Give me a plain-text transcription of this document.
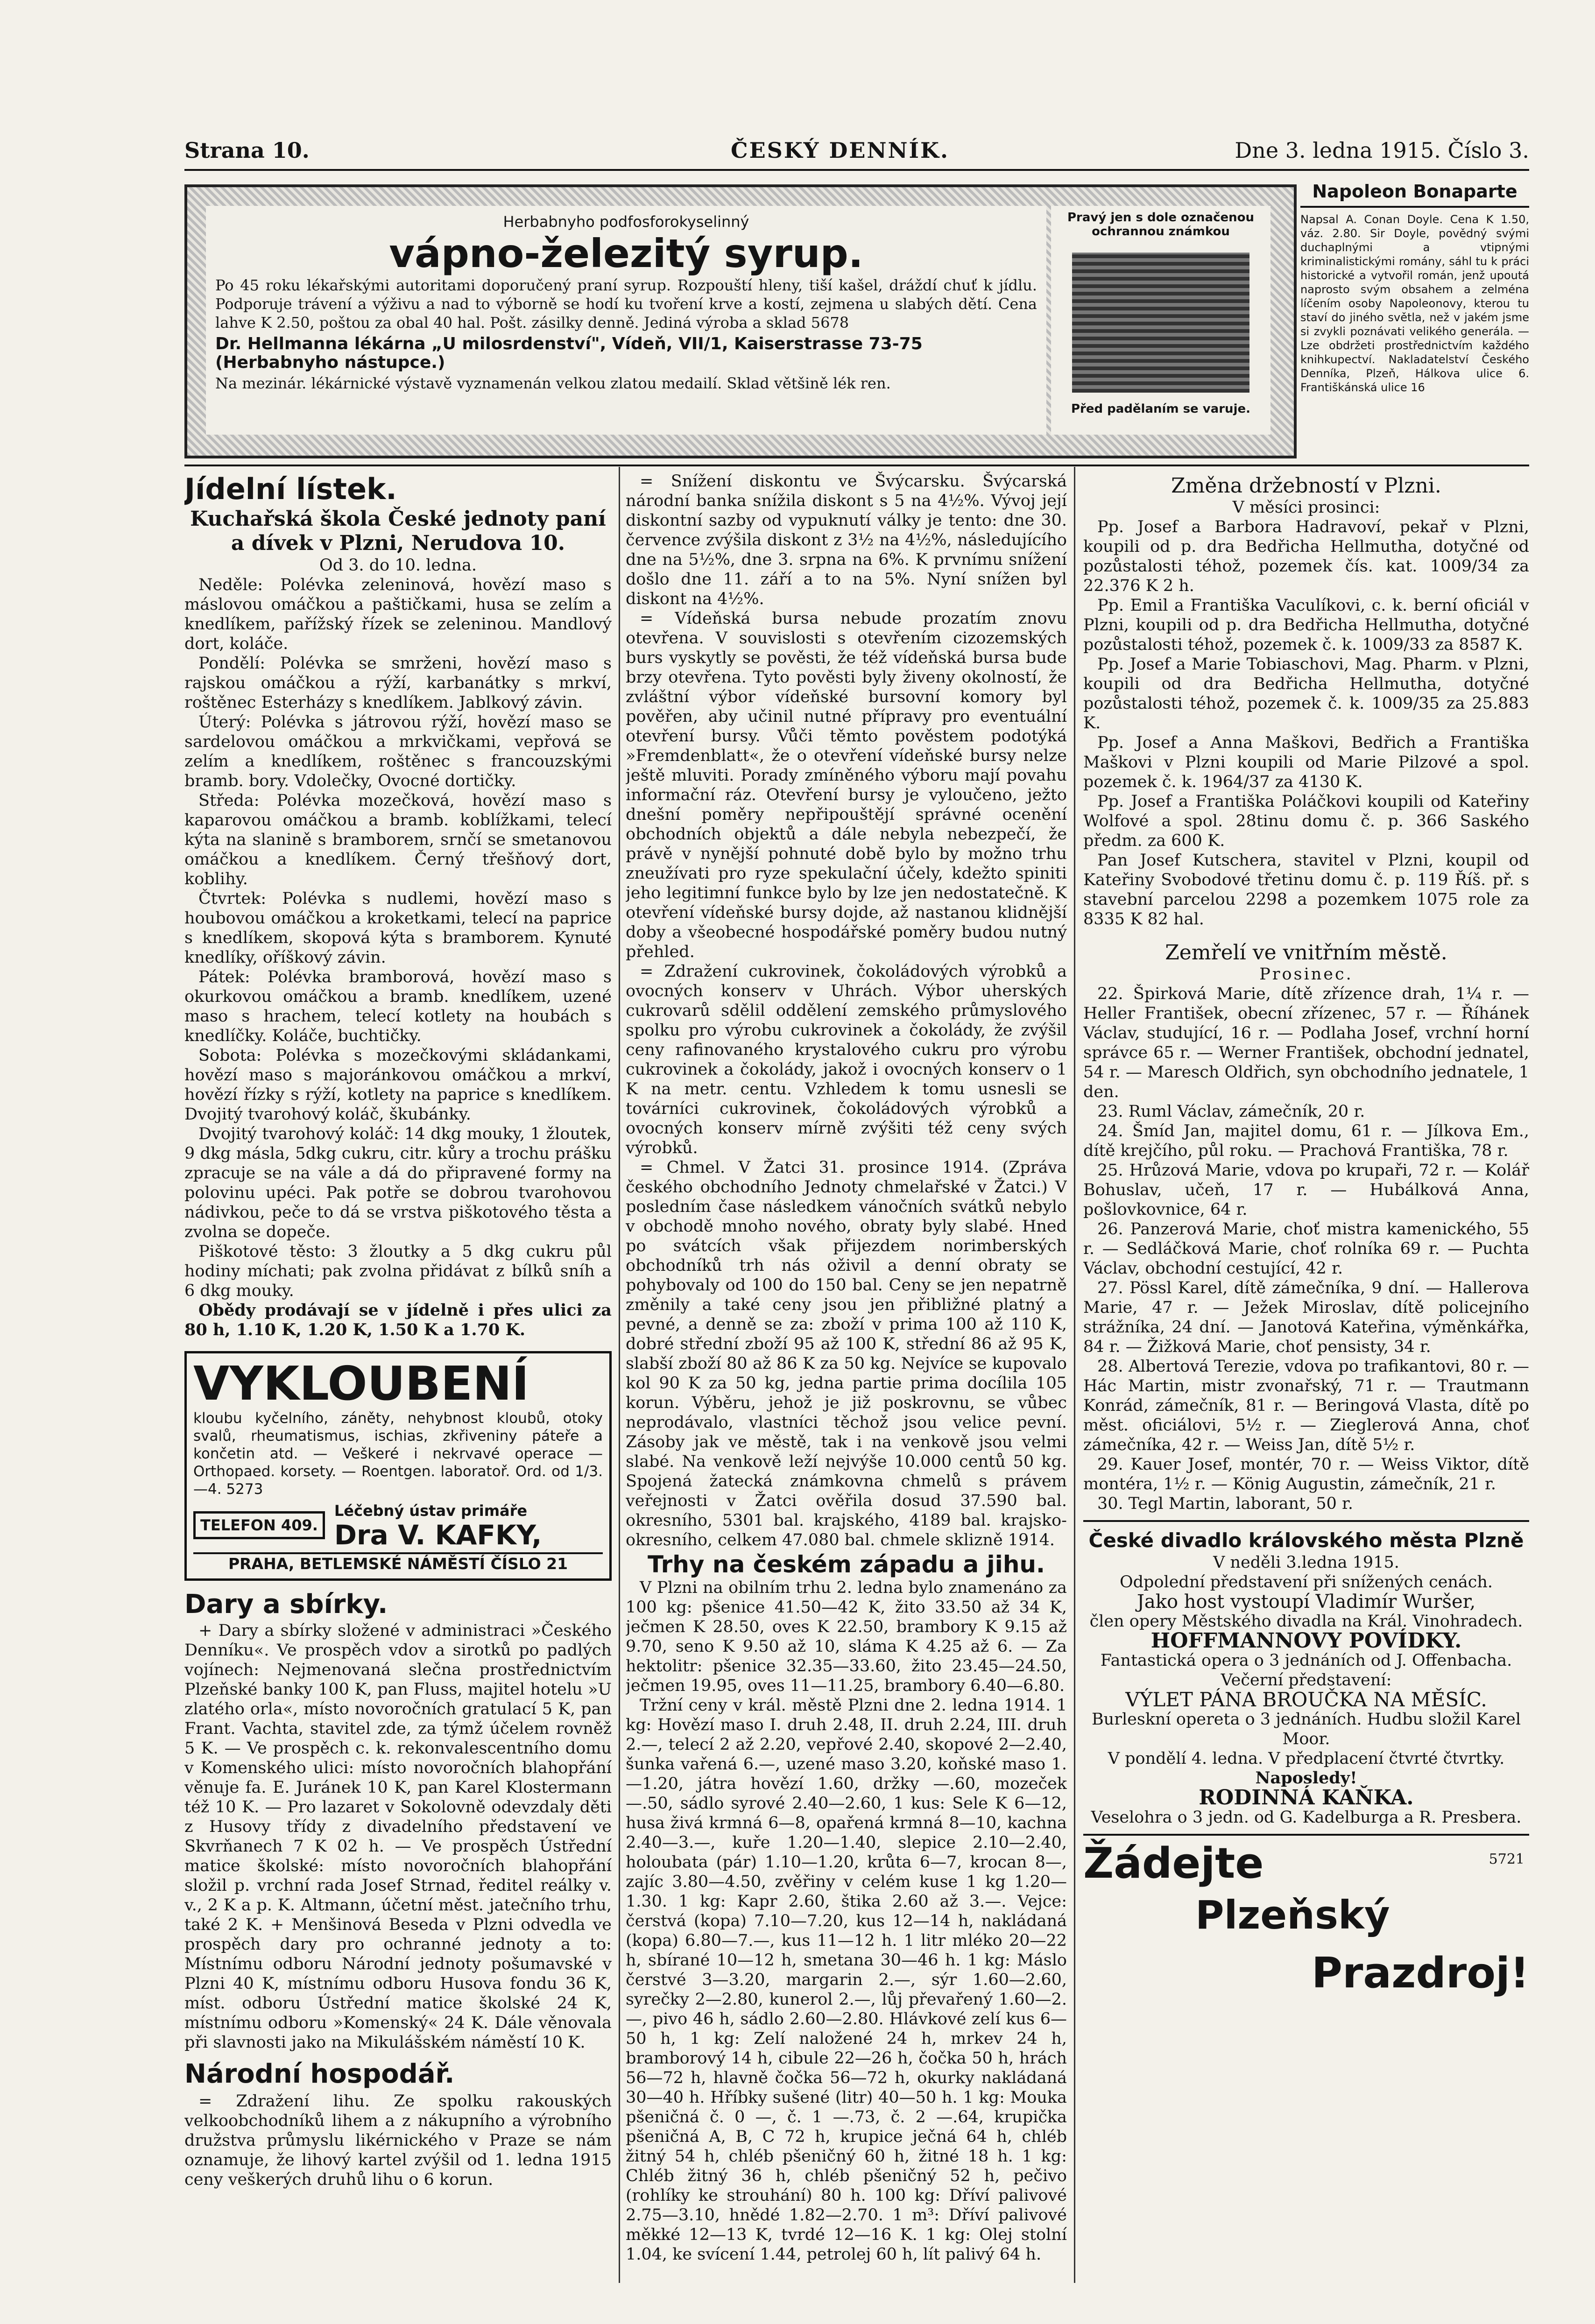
Strana 10.	ČESKÝ DENNÍK.	Dne 3. ledna 1915. Číslo 3.
Herbabnyho podfosforokyselinný
vápno-železitý syrup.
Po 45 roku lékařskými autoritami doporučený praní syrup. Rozpouští hleny, tiší kašel, dráždí chuť k jídlu. Podporuje trávení a výživu a nad to výborně se hodí ku tvoření krve a kostí, zejmena u slabých dětí. Cena lahve K 2.50, poštou za obal 40 hal. Pošt. zásilky denně. Jediná výroba a sklad 5678
Dr. Hellmanna lékárna „U milosrdenství", Vídeň, VII/1, Kaiserstrasse 73-75 (Herbabnyho nástupce.)
Na mezinár. lékárnické výstavě vyznamenán velkou zlatou medailí. Sklad většině lék ren.
Pravý jen s dole označenou ochrannou známkou
Před padělaním se varuje.
Napoleon Bonaparte
Napsal A. Conan Doyle. Cena K 1.50, váz. 2.80. Sir Doyle, povědný svými duchaplnými a vtipnými kriminalistickými romány, sáhl tu k práci historické a vytvořil román, jenž upoutá naprosto svým obsahem a zelména líčením osoby Napoleonovy, kterou tu staví do jiného světla, než v jakém jsme si zvykli poznávati velikého generála. — Lze obdržeti prostřednictvím každého knihkupectví. Nakladatelství Českého Denníka, Plzeň, Hálkova ulice 6. Františkánská ulice 16
Jídelní lístek.
Kuchařská škola České jednoty paní a dívek v Plzni, Nerudova 10.
Od 3. do 10. ledna.

Neděle: Polévka zeleninová, hovězí maso s máslovou omáčkou a paštičkami, husa se zelím a knedlíkem, pařížský řízek se zeleninou. Mandlový dort, koláče.

Pondělí: Polévka se smrženi, hovězí maso s rajskou omáčkou a rýží, karbanátky s mrkví, roštěnec Esterházy s knedlíkem. Jablkový závin.

Úterý: Polévka s játrovou rýží, hovězí maso se sardelovou omáčkou a mrkvičkami, vepřová se zelím a knedlíkem, roštěnec s francouzskými bramb. bory. Vdolečky, Ovocné dortičky.

Středa: Polévka mozečková, hovězí maso s kaparovou omáčkou a bramb. koblížkami, telecí kýta na slanině s bramborem, srnčí se smetanovou omáčkou a knedlíkem. Černý třešňový dort, koblihy.

Čtvrtek: Polévka s nudlemi, hovězí maso s houbovou omáčkou a kroketkami, telecí na paprice s knedlíkem, skopová kýta s bramborem. Kynuté knedlíky, oříškový závin.

Pátek: Polévka bramborová, hovězí maso s okurkovou omáčkou a bramb. knedlíkem, uzené maso s hrachem, telecí kotlety na houbách s knedlíčky. Koláče, buchtičky.

Sobota: Polévka s mozečkovými skládankami, hovězí maso s majoránkovou omáčkou a mrkví, hovězí řízky s rýží, kotlety na paprice s knedlíkem. Dvojitý tvarohový koláč, škubánky.

Dvojitý tvarohový koláč: 14 dkg mouky, 1 žloutek, 9 dkg másla, 5dkg cukru, citr. kůry a trochu prášku zpracuje se na vále a dá do připravené formy na polovinu upéci. Pak potře se dobrou tvarohovou nádivkou, peče to dá se vrstva piškotového těsta a zvolna se dopeče.

Piškotové těsto: 3 žloutky a 5 dkg cukru půl hodiny míchati; pak zvolna přidávat z bílků sníh a 6 dkg mouky.

Obědy prodávají se v jídelně i přes ulici za 80 h, 1.10 K, 1.20 K, 1.50 K a 1.70 K.

VYKLOUBENÍ
kloubu kyčelního, záněty, nehybnost kloubů, otoky svalů, rheumatismus, ischias, zkřiveniny páteře a končetin atd. — Veškeré i nekrvavé operace — Orthopaed. korsety. — Roentgen. laboratoř. Ord. od 1/3.—4. 5273
TELEFON 409.
Léčebný ústav primáře
Dra V. KAFKY,
PRAHA, BETLEMSKÉ NÁMĚSTÍ ČÍSLO 21
Dary a sbírky.

+ Dary a sbírky složené v administraci »Českého Denníku«. Ve prospěch vdov a sirotků po padlých vojínech: Nejmenovaná slečna prostřednictvím Plzeňské banky 100 K, pan Fluss, majitel hotelu »U zlatého orla«, místo novoročních gratulací 5 K, pan Frant. Vachta, stavitel zde, za týmž účelem rovněž 5 K. — Ve prospěch c. k. rekonvalescentního domu v Komenského ulici: místo novoročních blahopřání věnuje fa. E. Juránek 10 K, pan Karel Klostermann též 10 K. — Pro lazaret v Sokolovně odevzdaly děti z Husovy třídy z divadelního představení ve Skvrňanech 7 K 02 h. — Ve prospěch Ústřední matice školské: místo novoročních blahopřání složil p. vrchní rada Josef Strnad, ředitel reálky v. v., 2 K a p. K. Altmann, účetní měst. jatečního trhu, také 2 K. + Menšinová Beseda v Plzni odvedla ve prospěch dary pro ochranné jednoty a to: Místnímu odboru Národní jednoty pošumavské v Plzni 40 K, místnímu odboru Husova fondu 36 K, míst. odboru Ústřední matice školské 24 K, místnímu odboru »Komenský« 24 K. Dále věnovala při slavnosti jako na Mikulášském náměstí 10 K.

Národní hospodář.

= Zdražení lihu. Ze spolku rakouských velkoobchodníků lihem a z nákupního a výrobního družstva průmyslu likérnického v Praze se nám oznamuje, že lihový kartel zvýšil od 1. ledna 1915 ceny veškerých druhů lihu o 6 korun.

= Snížení diskontu ve Švýcarsku. Švýcarská národní banka snížila diskont s 5 na 4½%. Vývoj její diskontní sazby od vypuknutí války je tento: dne 30. července zvýšila diskont z 3½ na 4½%, následujícího dne na 5½%, dne 3. srpna na 6%. K prvnímu snížení došlo dne 11. září a to na 5%. Nyní snížen byl diskont na 4½%.

= Vídeňská bursa nebude prozatím znovu otevřena. V souvislosti s otevřením cizozemských burs vyskytly se pověsti, že též vídeňská bursa bude brzy otevřena. Tyto pověsti byly živeny okolností, že zvláštní výbor vídeňské bursovní komory byl pověřen, aby učinil nutné přípravy pro eventuální otevření bursy. Vůči těmto pověstem podotýká »Fremdenblatt«, že o otevření vídeňské bursy nelze ještě mluviti. Porady zmíněného výboru mají povahu informační ráz. Otevření bursy je vyloučeno, ježto dnešní poměry nepřipouštějí správné ocenění obchodních objektů a dále nebyla nebezpečí, že právě v nynější pohnuté době bylo by možno trhu zneužívati pro ryze spekulační účely, kdežto spiniti jeho legitimní funkce bylo by lze jen nedostatečně. K otevření vídeňské bursy dojde, až nastanou klidnější doby a všeobecné hospodářské poměry budou nutný přehled.

= Zdražení cukrovinek, čokoládových výrobků a ovocných konserv v Uhrách. Výbor uherských cukrovarů sdělil oddělení zemského průmyslového spolku pro výrobu cukrovinek a čokolády, že zvýšil ceny rafinovaného krystalového cukru pro výrobu cukrovinek a čokolády, jakož i ovocných konserv o 1 K na metr. centu. Vzhledem k tomu usnesli se továrníci cukrovinek, čokoládových výrobků a ovocných konserv mírně zvýšiti též ceny svých výrobků.

= Chmel. V Žatci 31. prosince 1914. (Zpráva českého obchodního Jednoty chmelařské v Žatci.) V posledním čase následkem vánočních svátků nebylo v obchodě mnoho nového, obraty byly slabé. Hned po svátcích však přijezdem norimberských obchodníků trh nás oživil a denní obraty se pohybovaly od 100 do 150 bal. Ceny se jen nepatrně změnily a také ceny jsou jen přibližné platný a pevné, a denně se za: zboží v prima 100 až 110 K, dobré střední zboží 95 až 100 K, střední 86 až 95 K, slabší zboží 80 až 86 K za 50 kg. Nejvíce se kupovalo kol 90 K za 50 kg, jedna partie prima docílila 105 korun. Výběru, jehož je již poskrovnu, se vůbec neprodávalo, vlastníci těchož jsou velice pevní. Zásoby jak ve městě, tak i na venkově jsou velmi slabé. Na venkově leží nejvýše 10.000 centů 50 kg. Spojená žatecká známkovna chmelů s právem veřejnosti v Žatci ověřila dosud 37.590 bal. okresního, 5301 bal. krajského, 4189 bal. krajsko-okresního, celkem 47.080 bal. chmele sklizně 1914.

Trhy na českém západu a jihu.

V Plzni na obilním trhu 2. ledna bylo znamenáno za 100 kg: pšenice 41.50—42 K, žito 33.50 až 34 K, ječmen K 28.50, oves K 22.50, brambory K 9.15 až 9.70, seno K 9.50 až 10, sláma K 4.25 až 6. — Za hektolitr: pšenice 32.35—33.60, žito 23.45—24.50, ječmen 19.95, oves 11—11.25, brambory 6.40—6.80.

Tržní ceny v král. městě Plzni dne 2. ledna 1914. 1 kg: Hovězí maso I. druh 2.48, II. druh 2.24, III. druh 2.—, telecí 2 až 2.20, vepřové 2.40, skopové 2—2.40, šunka vařená 6.—, uzené maso 3.20, koňské maso 1.—1.20, játra hovězí 1.60, držky —.60, mozeček —.50, sádlo syrové 2.40—2.60, 1 kus: Sele K 6—12, husa živá krmná 6—8, opařená krmná 8—10, kachna 2.40—3.—, kuře 1.20—1.40, slepice 2.10—2.40, holoubata (pár) 1.10—1.20, krůta 6—7, krocan 8—, zajíc 3.80—4.50, zvěřiny v celém kuse 1 kg 1.20—1.30. 1 kg: Kapr 2.60, štika 2.60 až 3.—. Vejce: čerstvá (kopa) 7.10—7.20, kus 12—14 h, nakládaná (kopa) 6.80—7.—, kus 11—12 h. 1 litr mléko 20—22 h, sbírané 10—12 h, smetana 30—46 h. 1 kg: Máslo čerstvé 3—3.20, margarin 2.—, sýr 1.60—2.60, syrečky 2—2.80, kunerol 2.—, lůj převařený 1.60—2.—, pivo 46 h, sádlo 2.60—2.80. Hlávkové zelí kus 6—50 h, 1 kg: Zelí naložené 24 h, mrkev 24 h, bramborový 14 h, cibule 22—26 h, čočka 50 h, hrách 56—72 h, hlavně čočka 56—72 h, okurky nakládaná 30—40 h. Hříbky sušené (litr) 40—50 h. 1 kg: Mouka pšeničná č. 0 —, č. 1 —.73, č. 2 —.64, krupička pšeničná A, B, C 72 h, krupice ječná 64 h, chléb žitný 54 h, chléb pšeničný 60 h, žitné 18 h. 1 kg: Chléb žitný 36 h, chléb pšeničný 52 h, pečivo (rohlíky ke strouhání) 80 h. 100 kg: Dříví palivové 2.75—3.10, hnědé 1.82—2.70. 1 m³: Dříví palivové měkké 12—13 K, tvrdé 12—16 K. 1 kg: Olej stolní 1.04, ke svícení 1.44, petrolej 60 h, lít palivý 64 h.

Změna držebností v Plzni.
V měsíci prosinci:

Pp. Josef a Barbora Hadravoví, pekař v Plzni, koupili od p. dra Bedřicha Hellmutha, dotyčné od pozůstalosti téhož, pozemek čís. kat. 1009/34 za 22.376 K 2 h.

Pp. Emil a Františka Vaculíkovi, c. k. berní oficiál v Plzni, koupili od p. dra Bedřicha Hellmutha, dotyčné pozůstalosti téhož, pozemek č. k. 1009/33 za 8587 K.

Pp. Josef a Marie Tobiaschovi, Mag. Pharm. v Plzni, koupili od dra Bedřicha Hellmutha, dotyčné pozůstalosti téhož, pozemek č. k. 1009/35 za 25.883 K.

Pp. Josef a Anna Maškovi, Bedřich a Františka Maškovi v Plzni koupili od Marie Pilzové a spol. pozemek č. k. 1964/37 za 4130 K.

Pp. Josef a Františka Poláčkovi koupili od Kateřiny Wolfové a spol. 28tinu domu č. p. 366 Saského předm. za 600 K.

Pan Josef Kutschera, stavitel v Plzni, koupil od Kateřiny Svobodové třetinu domu č. p. 119 Říš. př. s stavební parcelou 2298 a pozemkem 1075 role za 8335 K 82 hal.

Zemřelí ve vnitřním městě.
Prosinec.

22. Špirková Marie, dítě zřízence drah, 1¼ r. — Heller František, obecní zřízenec, 57 r. — Říhánek Václav, studující, 16 r. — Podlaha Josef, vrchní horní správce 65 r. — Werner František, obchodní jednatel, 54 r. — Maresch Oldřich, syn obchodního jednatele, 1 den.

23. Ruml Václav, zámečník, 20 r.

24. Šmíd Jan, majitel domu, 61 r. — Jílkova Em., dítě krejčího, půl roku. — Prachová Františka, 78 r.

25. Hrůzová Marie, vdova po krupaři, 72 r. — Kolář Bohuslav, učeň, 17 r. — Hubálková Anna, pošlovkovnice, 64 r.

26. Panzerová Marie, choť mistra kamenického, 55 r. — Sedláčková Marie, choť rolníka 69 r. — Puchta Václav, obchodní cestující, 42 r.

27. Pössl Karel, dítě zámečníka, 9 dní. — Hallerova Marie, 47 r. — Ježek Miroslav, dítě policejního strážníka, 24 dní. — Janotová Kateřina, výměnkářka, 84 r. — Žižková Marie, choť pensisty, 34 r.

28. Albertová Terezie, vdova po trafikantovi, 80 r. — Hác Martin, mistr zvonařský, 71 r. — Trautmann Konrád, zámečník, 81 r. — Beringová Vlasta, dítě po měst. oficiálovi, 5½ r. — Zieglerová Anna, choť zámečníka, 42 r. — Weiss Jan, dítě 5½ r.

29. Kauer Josef, montér, 70 r. — Weiss Viktor, dítě montéra, 1½ r. — König Augustin, zámečník, 21 r.

30. Tegl Martin, laborant, 50 r.

České divadlo královského města Plzně
V neděli 3.ledna 1915.
Odpolední představení při snížených cenách.
Jako host vystoupí Vladimír Wuršer,
člen opery Městského divadla na Král. Vinohradech.
HOFFMANNOVY POVÍDKY.
Fantastická opera o 3 jednáních od J. Offenbacha.
Večerní představení:
VÝLET PÁNA BROUČKA NA MĚSÍC.
Burleskní opereta o 3 jednáních. Hudbu složil Karel Moor.
V pondělí 4. ledna. V předplacení čtvrté čtvrtky.
Naposledy!
RODINNÁ KAŇKA.
Veselohra o 3 jedn. od G. Kadelburga a R. Presbera.
Žádejte	5721
Plzeňský
Prazdroj!
